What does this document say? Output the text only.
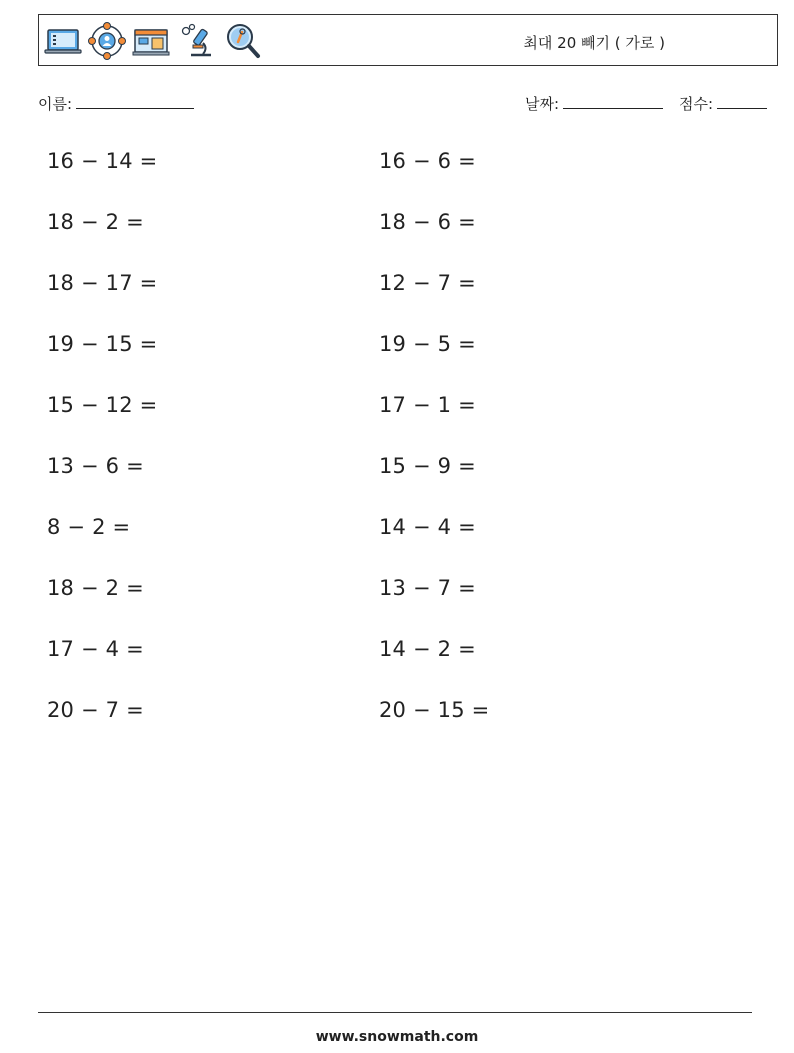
최대 20 빼기 ( 가로 )
이름:	날짜:	점수:
16 − 14 =
18 − 2 =
18 − 17 =
19 − 15 =
15 − 12 =
13 − 6 =
8 − 2 =
18 − 2 =
17 − 4 =
20 − 7 =
16 − 6 =
18 − 6 =
12 − 7 =
19 − 5 =
17 − 1 =
15 − 9 =
14 − 4 =
13 − 7 =
14 − 2 =
20 − 15 =
www.snowmath.com
